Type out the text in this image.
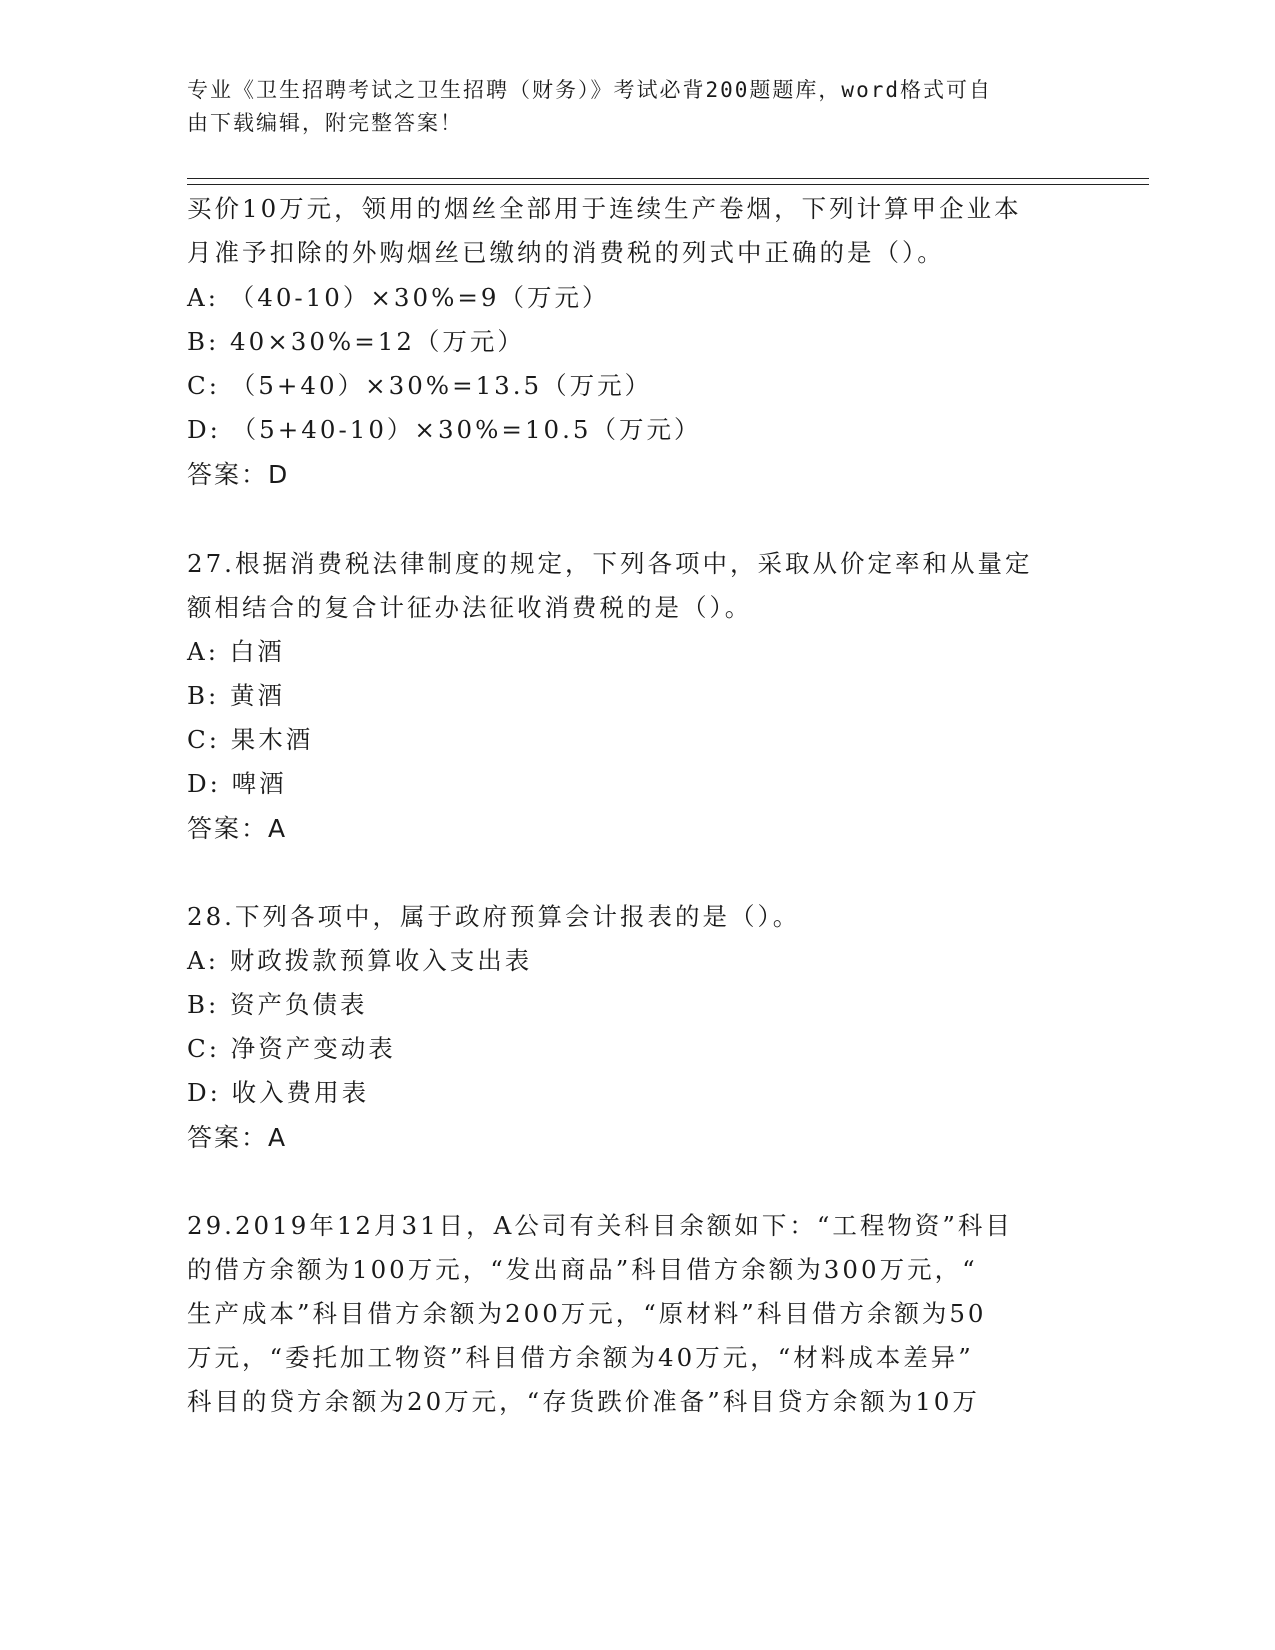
专业《卫生招聘考试之卫生招聘（财务）》考试必背200题题库，word格式可自
由下载编辑，附完整答案！
买价10万元，领用的烟丝全部用于连续生产卷烟，下列计算甲企业本
月准予扣除的外购烟丝已缴纳的消费税的列式中正确的是（）。
A: （40-10）×30%=9（万元）
B: 40×30%=12（万元）
C: （5+40）×30%=13.5（万元）
D: （5+40-10）×30%=10.5（万元）
答案：D
27.根据消费税法律制度的规定，下列各项中，采取从价定率和从量定
额相结合的复合计征办法征收消费税的是（）。
A: 白酒
B: 黄酒
C: 果木酒
D: 啤酒
答案：A
28.下列各项中，属于政府预算会计报表的是（）。
A: 财政拨款预算收入支出表
B: 资产负债表
C: 净资产变动表
D: 收入费用表
答案：A
29.2019年12月31日，A公司有关科目余额如下：“工程物资”科目
的借方余额为100万元，“发出商品”科目借方余额为300万元，“
生产成本”科目借方余额为200万元，“原材料”科目借方余额为50
万元，“委托加工物资”科目借方余额为40万元，“材料成本差异”
科目的贷方余额为20万元，“存货跌价准备”科目贷方余额为10万
